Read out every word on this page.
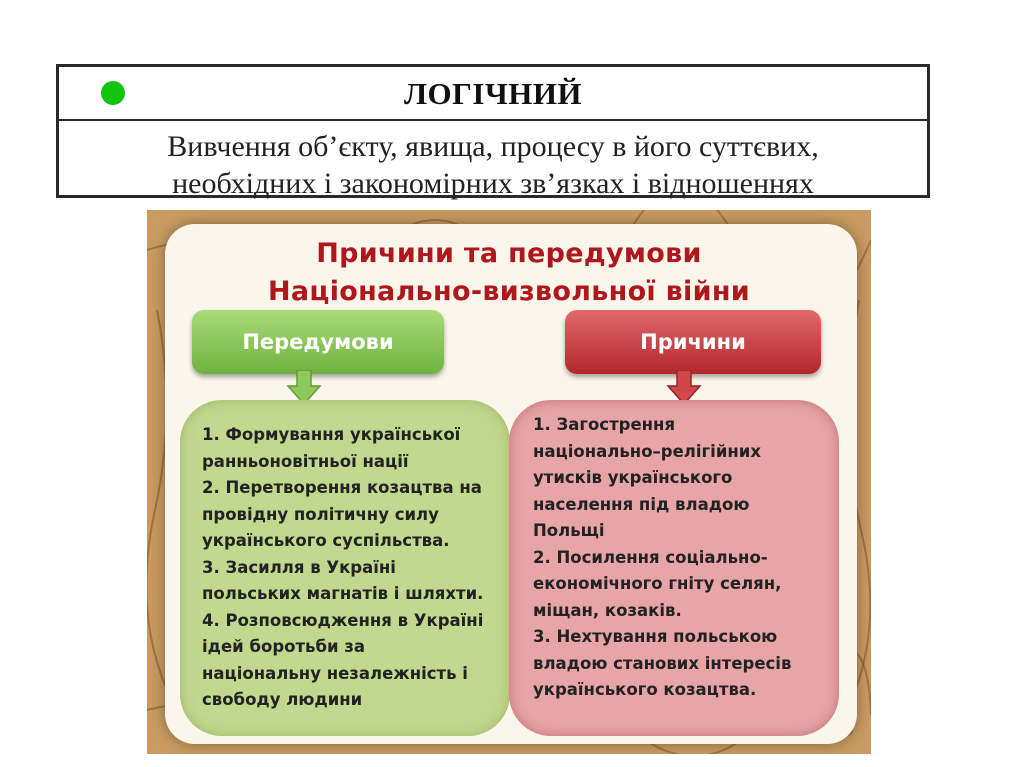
ЛОГІЧНИЙ
Вивчення об’єкту, явища, процесу в його суттєвих,
необхідних і закономірних зв’язках і відношеннях
Причини та передумови
Національно-визвольної війни
Передумови	Причини
1. Формування української
ранньоновітньої нації
2. Перетворення козацтва на
провідну політичну силу
українського суспільства.
3. Засилля в Україні
польських магнатів і шляхти.
4. Розповсюдження в Україні
ідей боротьби за
національну незалежність і
свободу людини
1. Загострення
національно–релігійних
утисків українського
населення під владою
Польщі
2. Посилення соціально-
економічного гніту селян,
міщан, козаків.
3. Нехтування польською
владою станових інтересів
українського козацтва.
